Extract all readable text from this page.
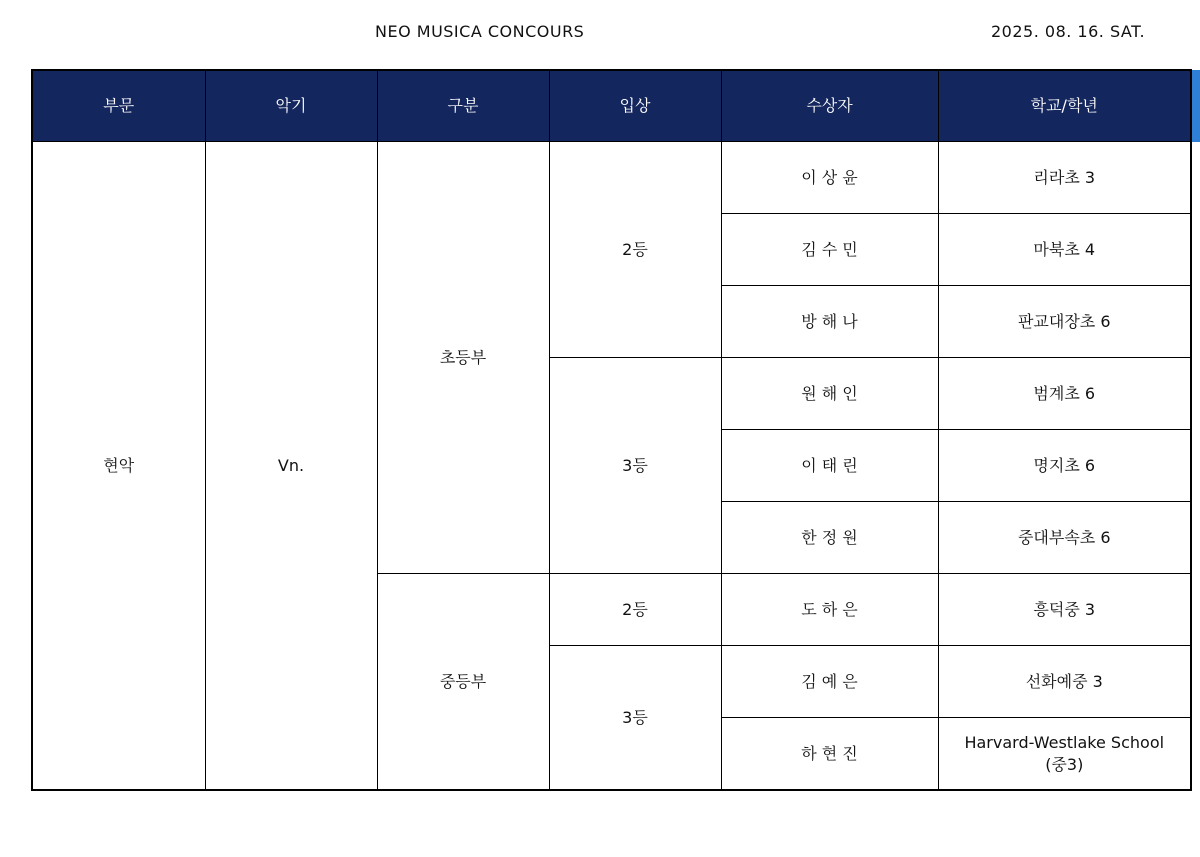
NEO MUSICA CONCOURS	2025. 08. 16. SAT.
부문	악기	구분	입상	수상자	학교/학년
현악	Vn.	초등부	2등	이 상 윤	리라초 3
				김 수 민	마북초 4
				방 해 나	판교대장초 6
			3등	원 해 인	범계초 6
				이 태 린	명지초 6
				한 정 원	중대부속초 6
		중등부	2등	도 하 은	흥덕중 3
			3등	김 예 은	선화예중 3
				하 현 진	Harvard-Westlake School
(중3)
